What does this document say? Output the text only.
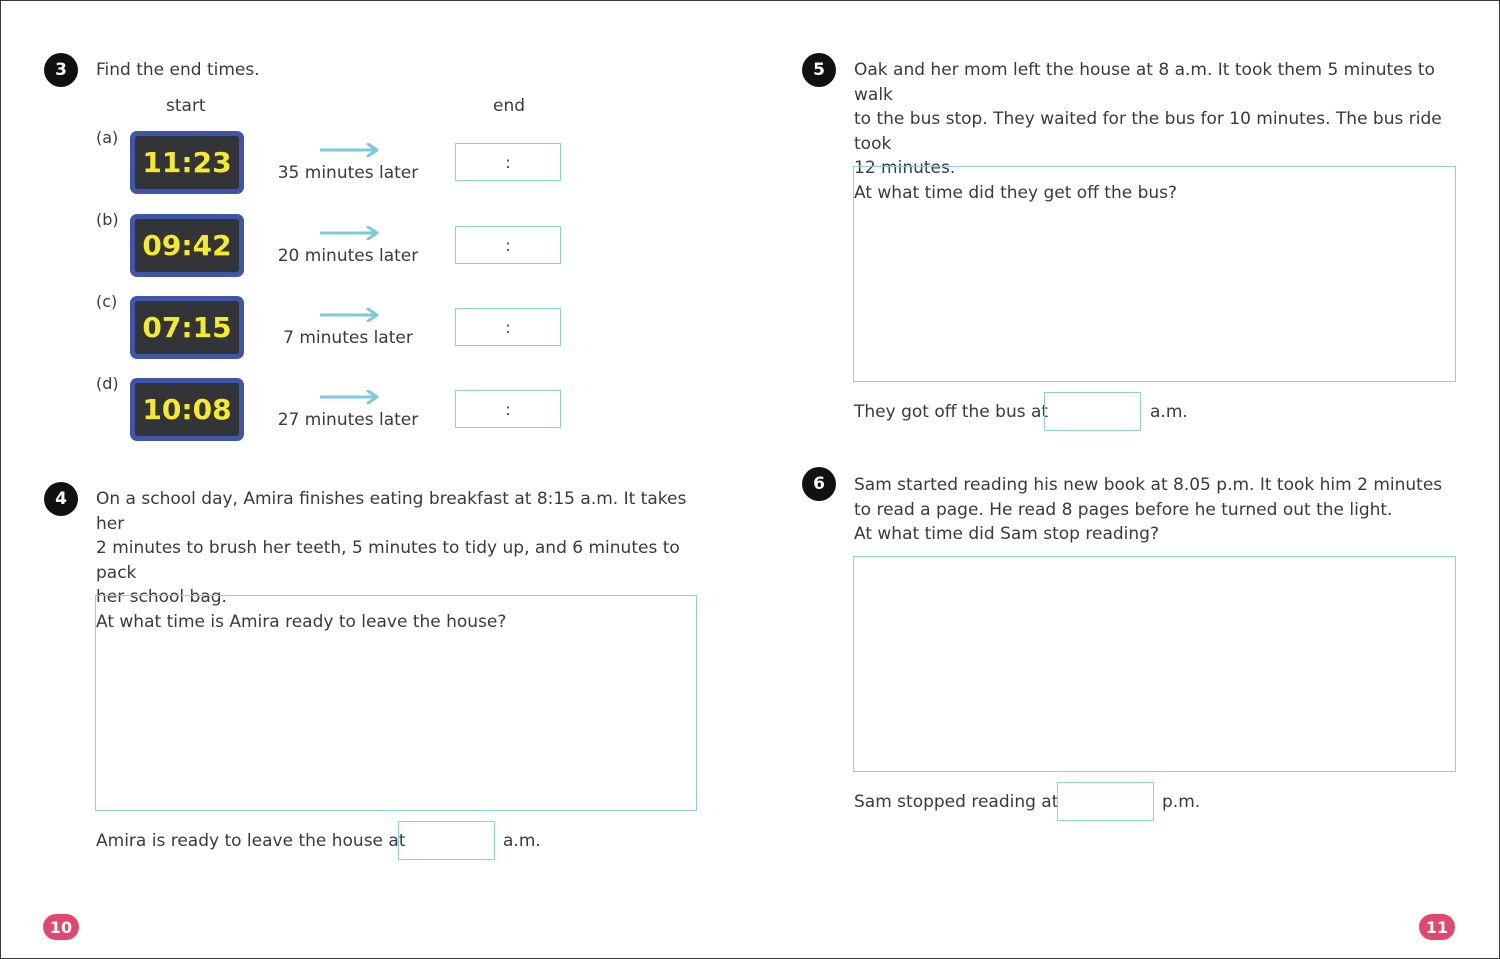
3	Find the end times.
start	end
(a)
11:23	35 minutes later
:
(b)
09:42	20 minutes later
:
(c)
07:15	7 minutes later
:
(d)
10:08	27 minutes later
:
4	On a school day, Amira finishes eating breakfast at 8:15 a.m. It takes her
2 minutes to brush her teeth, 5 minutes to tidy up, and 6 minutes to pack
her school bag.
At what time is Amira ready to leave the house?
Amira is ready to leave the house at	a.m.
5	Oak and her mom left the house at 8 a.m. It took them 5 minutes to walk
to the bus stop. They waited for the bus for 10 minutes. The bus ride took
12 minutes.
At what time did they get off the bus?
They got off the bus at	a.m.
6	Sam started reading his new book at 8.05 p.m. It took him 2 minutes
to read a page. He read 8 pages before he turned out the light.
At what time did Sam stop reading?
Sam stopped reading at	p.m.
10	11
